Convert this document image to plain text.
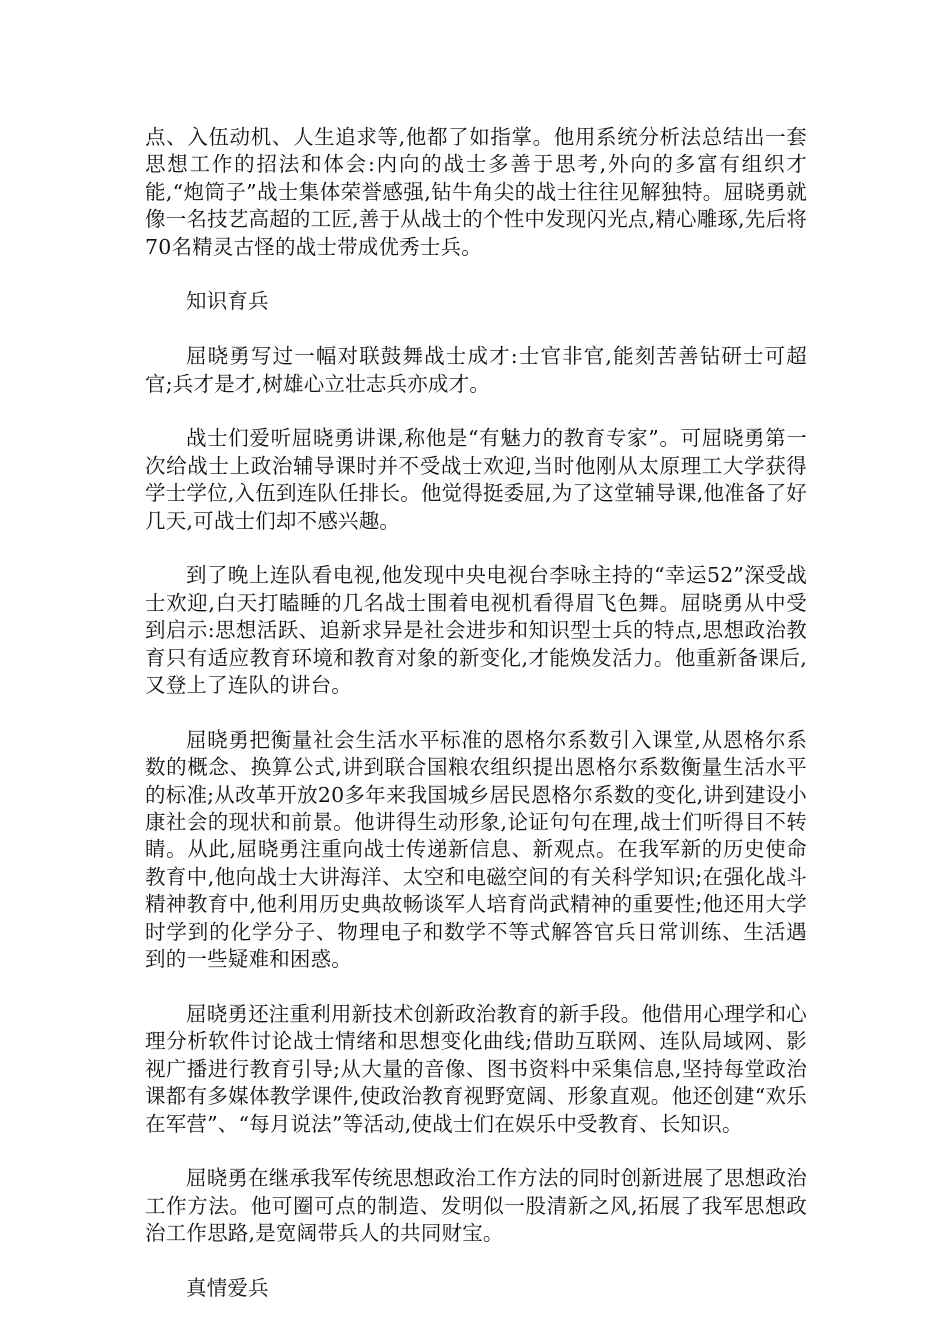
点、入伍动机、人生追求等,他都了如指掌。他用系统分析法总结出一套思想工作的招法和体会:内向的战士多善于思考,外向的多富有组织才能,“炮筒子”战士集体荣誉感强,钻牛角尖的战士往往见解独特。屈晓勇就像一名技艺高超的工匠,善于从战士的个性中发现闪光点,精心雕琢,先后将70名精灵古怪的战士带成优秀士兵。

知识育兵

屈晓勇写过一幅对联鼓舞战士成才:士官非官,能刻苦善钻研士可超官;兵才是才,树雄心立壮志兵亦成才。

战士们爱听屈晓勇讲课,称他是“有魅力的教育专家”。可屈晓勇第一次给战士上政治辅导课时并不受战士欢迎,当时他刚从太原理工大学获得学士学位,入伍到连队任排长。他觉得挺委屈,为了这堂辅导课,他准备了好几天,可战士们却不感兴趣。

到了晚上连队看电视,他发现中央电视台李咏主持的“幸运52”深受战士欢迎,白天打瞌睡的几名战士围着电视机看得眉飞色舞。屈晓勇从中受到启示:思想活跃、追新求异是社会进步和知识型士兵的特点,思想政治教育只有适应教育环境和教育对象的新变化,才能焕发活力。他重新备课后,又登上了连队的讲台。

屈晓勇把衡量社会生活水平标准的恩格尔系数引入课堂,从恩格尔系数的概念、换算公式,讲到联合国粮农组织提出恩格尔系数衡量生活水平的标准;从改革开放20多年来我国城乡居民恩格尔系数的变化,讲到建设小康社会的现状和前景。他讲得生动形象,论证句句在理,战士们听得目不转睛。从此,屈晓勇注重向战士传递新信息、新观点。在我军新的历史使命教育中,他向战士大讲海洋、太空和电磁空间的有关科学知识;在强化战斗精神教育中,他利用历史典故畅谈军人培育尚武精神的重要性;他还用大学时学到的化学分子、物理电子和数学不等式解答官兵日常训练、生活遇到的一些疑难和困惑。

屈晓勇还注重利用新技术创新政治教育的新手段。他借用心理学和心理分析软件讨论战士情绪和思想变化曲线;借助互联网、连队局域网、影视广播进行教育引导;从大量的音像、图书资料中采集信息,坚持每堂政治课都有多媒体教学课件,使政治教育视野宽阔、形象直观。他还创建“欢乐在军营”、“每月说法”等活动,使战士们在娱乐中受教育、长知识。

屈晓勇在继承我军传统思想政治工作方法的同时创新进展了思想政治工作方法。他可圈可点的制造、发明似一股清新之风,拓展了我军思想政治工作思路,是宽阔带兵人的共同财宝。

真情爱兵
